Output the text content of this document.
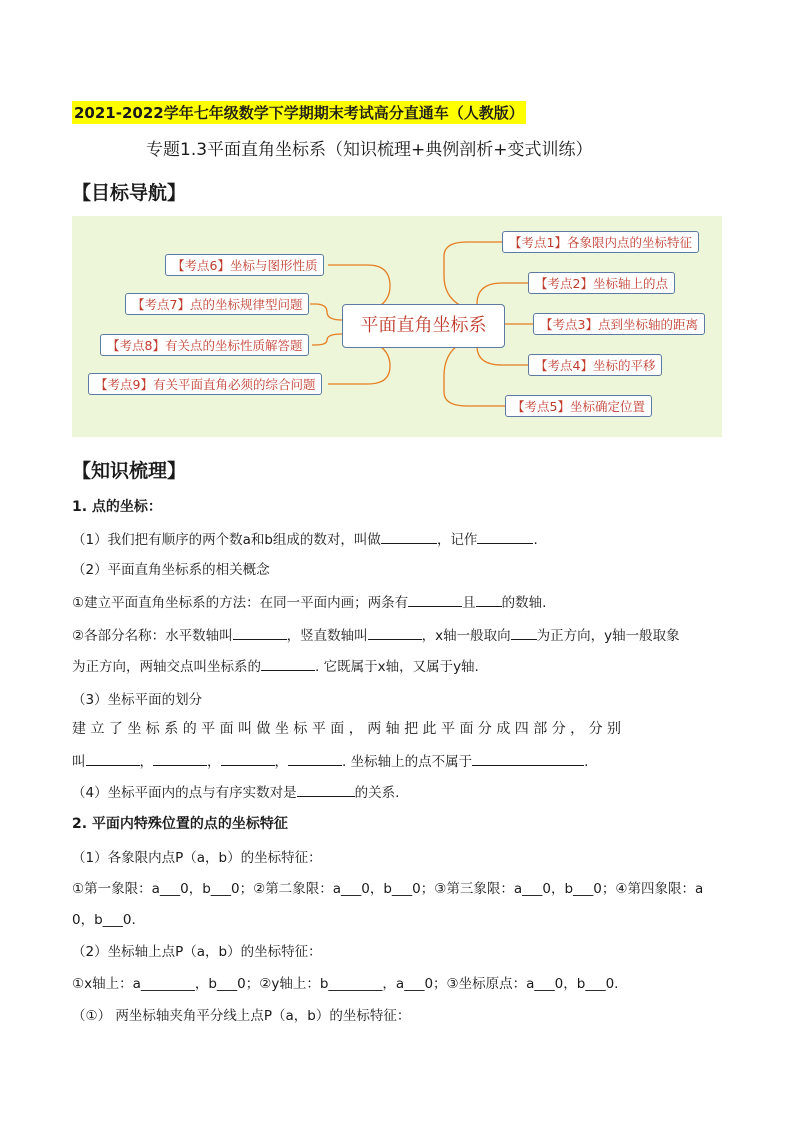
2021-2022学年七年级数学下学期期末考试高分直通车（人教版）
专题1.3平面直角坐标系（知识梳理+典例剖析+变式训练）
【目标导航】
平面直角坐标系
【考点6】坐标与图形性质
【考点7】点的坐标规律型问题
【考点8】有关点的坐标性质解答题
【考点9】有关平面直角必须的综合问题
【考点1】各象限内点的坐标特征
【考点2】坐标轴上的点
【考点3】点到坐标轴的距离
【考点4】坐标的平移
【考点5】坐标确定位置
【知识梳理】
1. 点的坐标：
（1）我们把有顺序的两个数a和b组成的数对，叫做	，记作	.
（2）平面直角坐标系的相关概念
①建立平面直角坐标系的方法：在同一平面内画；两条有	且 的数轴.
②各部分名称：水平数轴叫	，竖直数轴叫	，x轴一般取向 为正方向，y轴一般取象
为正方向，两轴交点叫坐标系的	. 它既属于x轴，又属于y轴.
（3）坐标平面的划分
建 立 了 坐 标 系 的 平 面 叫 做 坐 标 平 面 ， 两 轴 把 此 平 面 分 成 四 部 分 ， 分 别
叫	，	，	，	. 坐标轴上的点不属于	.
（4）坐标平面内的点与有序实数对是	的关系.
2. 平面内特殊位置的点的坐标特征
（1）各象限内点P（a，b）的坐标特征：
①第一象限：a___0，b___0；②第二象限：a___0，b___0；③第三象限：a___0，b___0；④第四象限：a
0，b___0.
（2）坐标轴上点P（a，b）的坐标特征：
①x轴上：a________，b___0；②y轴上：b________，a___0；③坐标原点：a___0，b___0.
（①） 两坐标轴夹角平分线上点P（a，b）的坐标特征：
